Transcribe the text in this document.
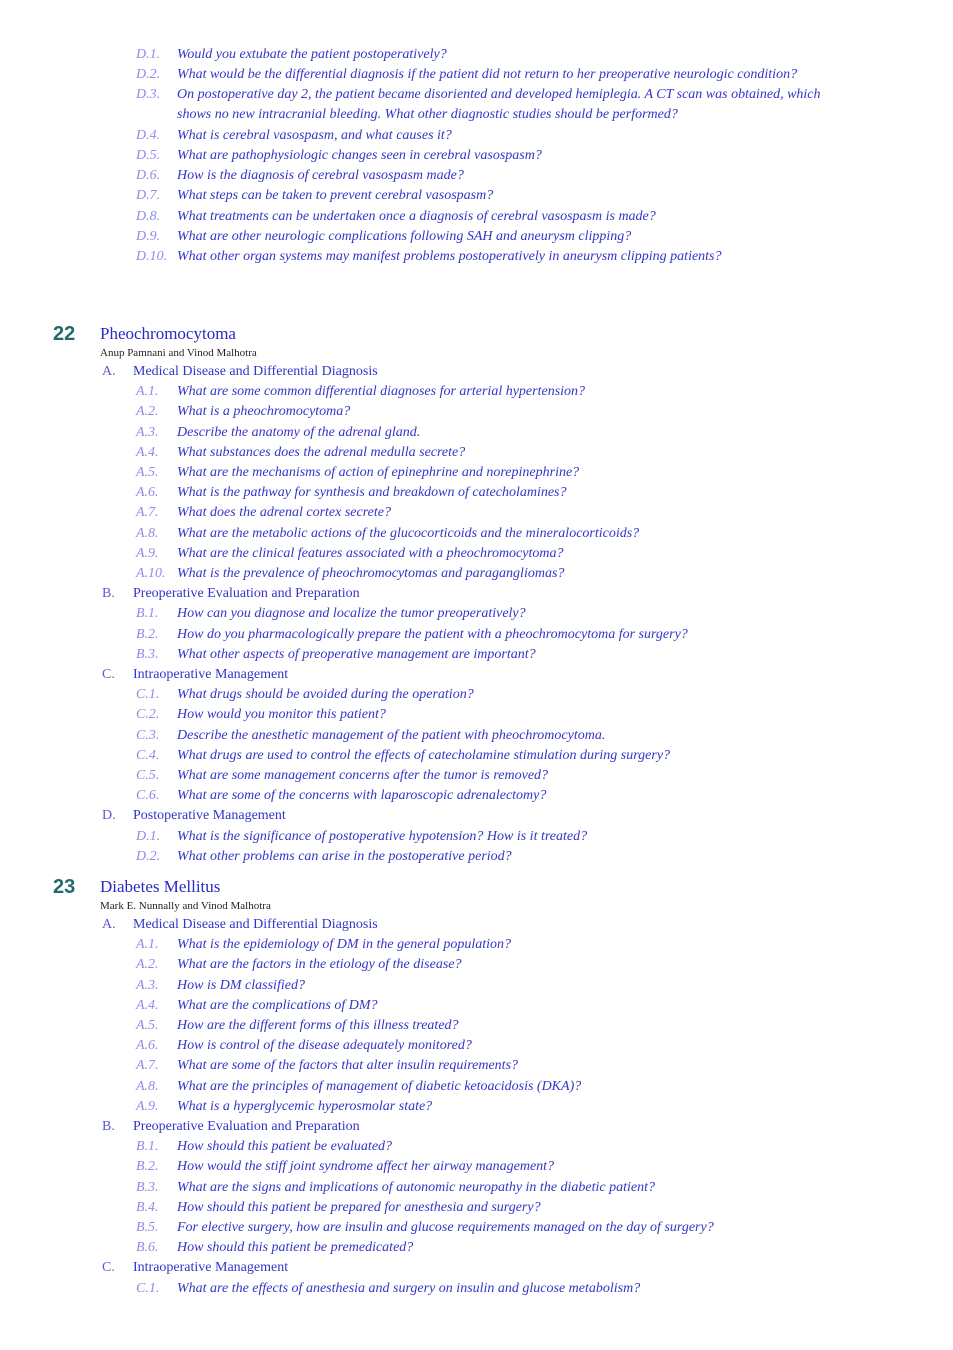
D.1. Would you extubate the patient postoperatively?
D.2. What would be the differential diagnosis if the patient did not return to her preoperative neurologic condition?
D.3. On postoperative day 2, the patient became disoriented and developed hemiplegia. A CT scan was obtained, which
shows no new intracranial bleeding. What other diagnostic studies should be performed?
D.4. What is cerebral vasospasm, and what causes it?
D.5. What are pathophysiologic changes seen in cerebral vasospasm?
D.6. How is the diagnosis of cerebral vasospasm made?
D.7. What steps can be taken to prevent cerebral vasospasm?
D.8. What treatments can be undertaken once a diagnosis of cerebral vasospasm is made?
D.9. What are other neurologic complications following SAH and aneurysm clipping?
D.10. What other organ systems may manifest problems postoperatively in aneurysm clipping patients?
22 Pheochromocytoma
Anup Pamnani and Vinod Malhotra
A. Medical Disease and Differential Diagnosis
A.1. What are some common differential diagnoses for arterial hypertension?
A.2. What is a pheochromocytoma?
A.3. Describe the anatomy of the adrenal gland.
A.4. What substances does the adrenal medulla secrete?
A.5. What are the mechanisms of action of epinephrine and norepinephrine?
A.6. What is the pathway for synthesis and breakdown of catecholamines?
A.7. What does the adrenal cortex secrete?
A.8. What are the metabolic actions of the glucocorticoids and the mineralocorticoids?
A.9. What are the clinical features associated with a pheochromocytoma?
A.10. What is the prevalence of pheochromocytomas and paragangliomas?
B. Preoperative Evaluation and Preparation
B.1. How can you diagnose and localize the tumor preoperatively?
B.2. How do you pharmacologically prepare the patient with a pheochromocytoma for surgery?
B.3. What other aspects of preoperative management are important?
C. Intraoperative Management
C.1. What drugs should be avoided during the operation?
C.2. How would you monitor this patient?
C.3. Describe the anesthetic management of the patient with pheochromocytoma.
C.4. What drugs are used to control the effects of catecholamine stimulation during surgery?
C.5. What are some management concerns after the tumor is removed?
C.6. What are some of the concerns with laparoscopic adrenalectomy?
D. Postoperative Management
D.1. What is the significance of postoperative hypotension? How is it treated?
D.2. What other problems can arise in the postoperative period?
23 Diabetes Mellitus
Mark E. Nunnally and Vinod Malhotra
A. Medical Disease and Differential Diagnosis
A.1. What is the epidemiology of DM in the general population?
A.2. What are the factors in the etiology of the disease?
A.3. How is DM classified?
A.4. What are the complications of DM?
A.5. How are the different forms of this illness treated?
A.6. How is control of the disease adequately monitored?
A.7. What are some of the factors that alter insulin requirements?
A.8. What are the principles of management of diabetic ketoacidosis (DKA)?
A.9. What is a hyperglycemic hyperosmolar state?
B. Preoperative Evaluation and Preparation
B.1. How should this patient be evaluated?
B.2. How would the stiff joint syndrome affect her airway management?
B.3. What are the signs and implications of autonomic neuropathy in the diabetic patient?
B.4. How should this patient be prepared for anesthesia and surgery?
B.5. For elective surgery, how are insulin and glucose requirements managed on the day of surgery?
B.6. How should this patient be premedicated?
C. Intraoperative Management
C.1. What are the effects of anesthesia and surgery on insulin and glucose metabolism?
